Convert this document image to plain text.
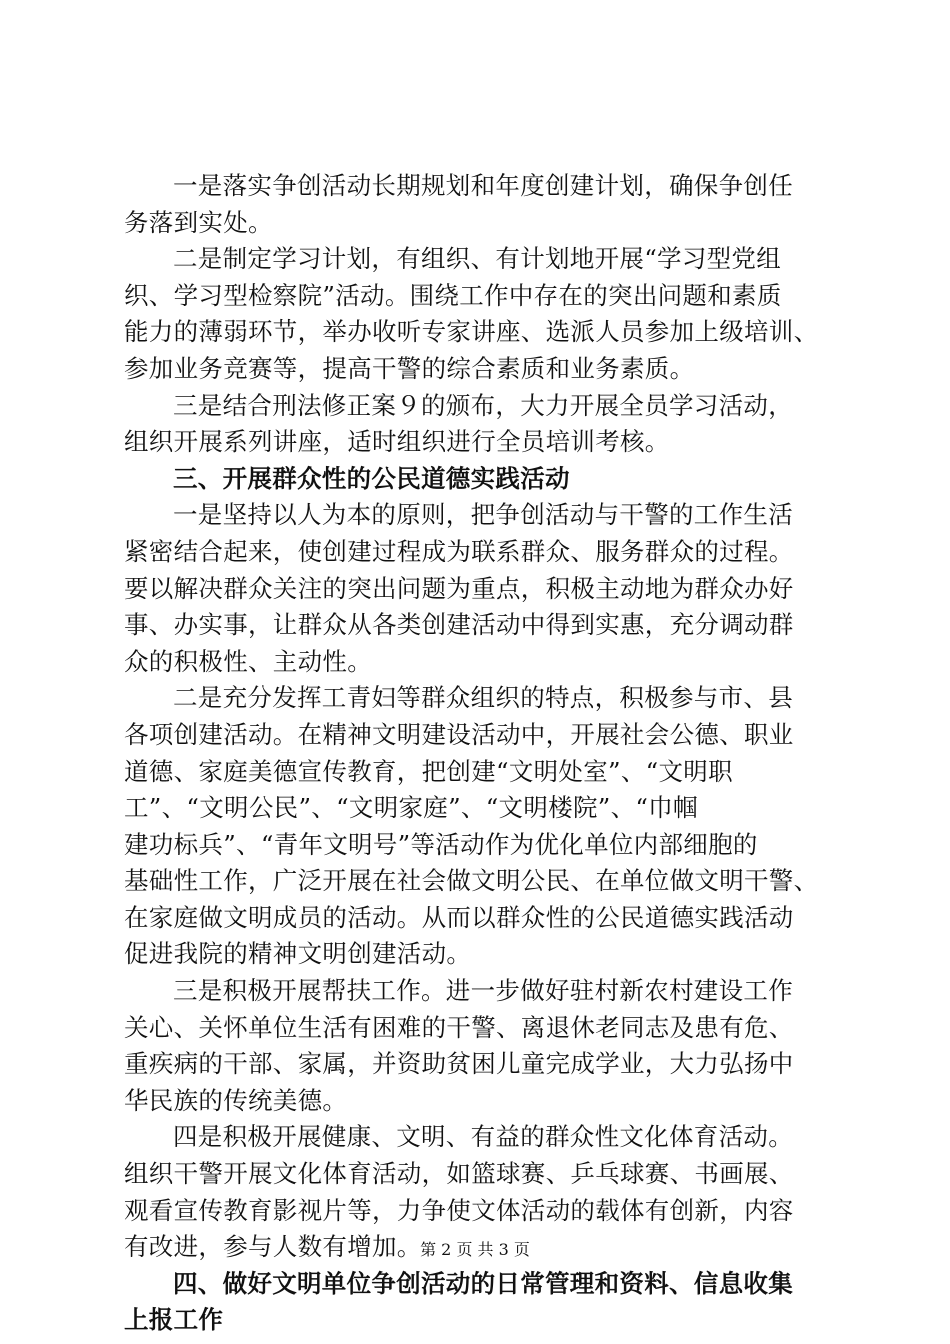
一是落实争创活动长期规划和年度创建计划，确保争创任
务落到实处。

二是制定学习计划，有组织、有计划地开展“学习型党组
织、学习型检察院”活动。围绕工作中存在的突出问题和素质
能力的薄弱环节，举办收听专家讲座、选派人员参加上级培训、
参加业务竞赛等，提高干警的综合素质和业务素质。

三是结合刑法修正案９的颁布，大力开展全员学习活动，
组织开展系列讲座，适时组织进行全员培训考核。

三、开展群众性的公民道德实践活动

一是坚持以人为本的原则，把争创活动与干警的工作生活
紧密结合起来，使创建过程成为联系群众、服务群众的过程。
要以解决群众关注的突出问题为重点，积极主动地为群众办好
事、办实事，让群众从各类创建活动中得到实惠，充分调动群
众的积极性、主动性。

二是充分发挥工青妇等群众组织的特点，积极参与市、县
各项创建活动。在精神文明建设活动中，开展社会公德、职业
道德、家庭美德宣传教育，把创建“文明处室”、“文明职
工”、“文明公民”、“文明家庭”、“文明楼院”、“巾帼
建功标兵”、“青年文明号”等活动作为优化单位内部细胞的
基础性工作，广泛开展在社会做文明公民、在单位做文明干警、
在家庭做文明成员的活动。从而以群众性的公民道德实践活动
促进我院的精神文明创建活动。

三是积极开展帮扶工作。进一步做好驻村新农村建设工作
关心、关怀单位生活有困难的干警、离退休老同志及患有危、
重疾病的干部、家属，并资助贫困儿童完成学业，大力弘扬中
华民族的传统美德。

四是积极开展健康、文明、有益的群众性文化体育活动。
组织干警开展文化体育活动，如篮球赛、乒乓球赛、书画展、
观看宣传教育影视片等，力争使文体活动的载体有创新，内容
有改进，参与人数有增加。

四、做好文明单位争创活动的日常管理和资料、信息收集
上报工作

第 2 页 共 3 页
